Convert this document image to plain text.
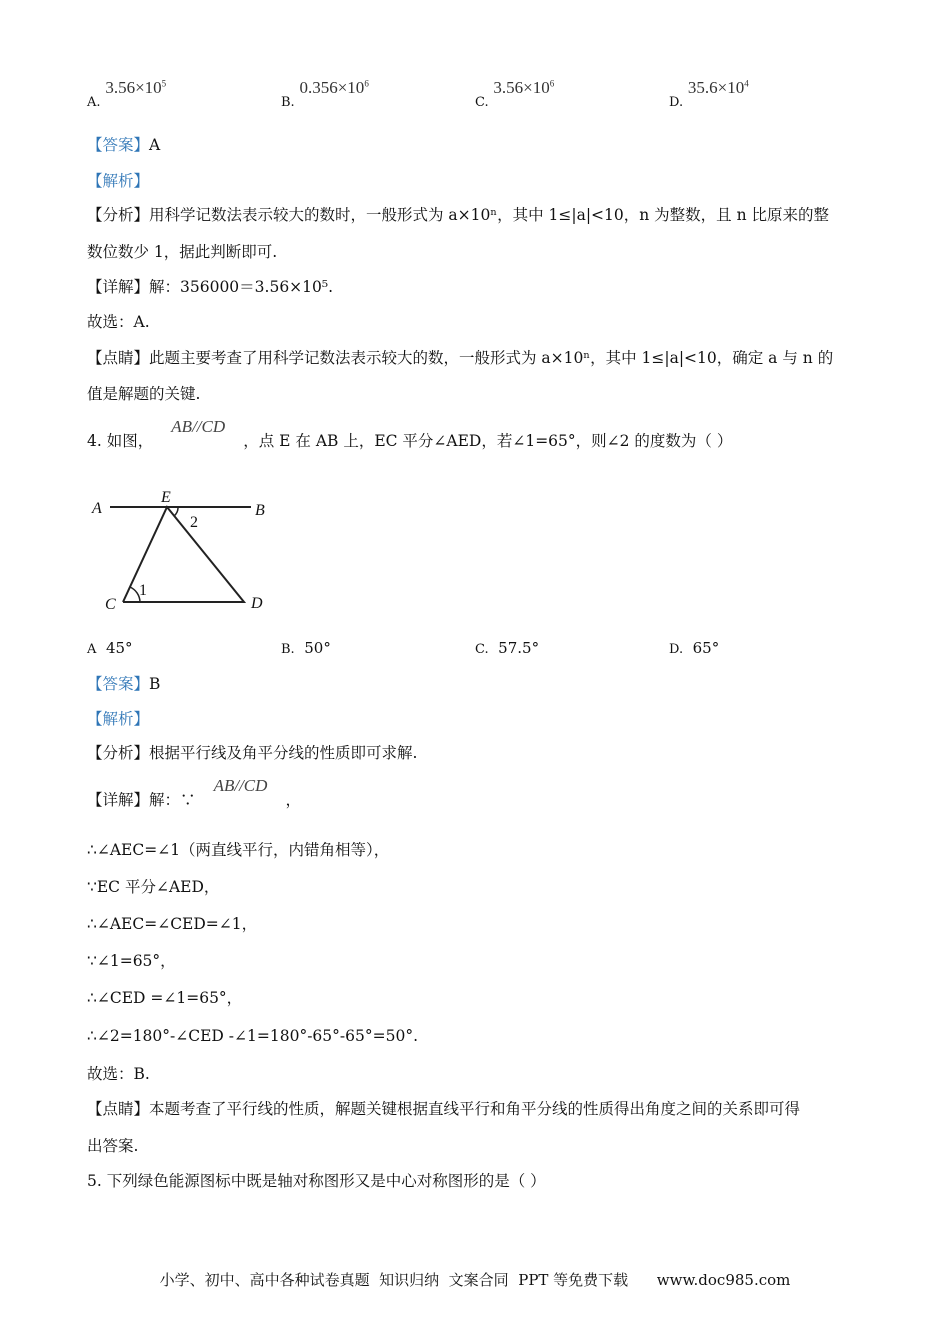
A. $3.56\times 10^5$
B. $0.356\times 10^6$
C. $3.56\times 10^6$
D. $35.6\times 10^4$
【答案】A
【解析】
【分析】用科学记数法表示较大的数时，一般形式为 a×10ⁿ，其中 1≤|a|<10，n 为整数，且 n 比原来的整
数位数少 1，据此判断即可.
【详解】解：356000＝3.56×10⁵.
故选：A.
【点睛】此题主要考查了用科学记数法表示较大的数，一般形式为 a×10ⁿ，其中 1≤|a|<10，确定 a 与 n 的
值是解题的关键.
4. 如图，AB//CD，点 E 在 AB 上，EC 平分∠AED，若∠1=65°，则∠2 的度数为（ ）
A
E
B
2
1
C	D
A 45°	B. 50°	C. 57.5°	D. 65°
【答案】B
【解析】
【分析】根据平行线及角平分线的性质即可求解.
【详解】解：∵AB//CD，
∴∠AEC=∠1（两直线平行，内错角相等），
∵EC 平分∠AED，
∴∠AEC=∠CED=∠1，
∵∠1=65°，
∴∠CED =∠1=65°，
∴∠2=180°-∠CED -∠1=180°-65°-65°=50°.
故选：B.
【点睛】本题考查了平行线的性质，解题关键根据直线平行和角平分线的性质得出角度之间的关系即可得
出答案.
5. 下列绿色能源图标中既是轴对称图形又是中心对称图形的是（ ）
小学、初中、高中各种试卷真题  知识归纳  文案合同  PPT 等免费下载      www.doc985.com
